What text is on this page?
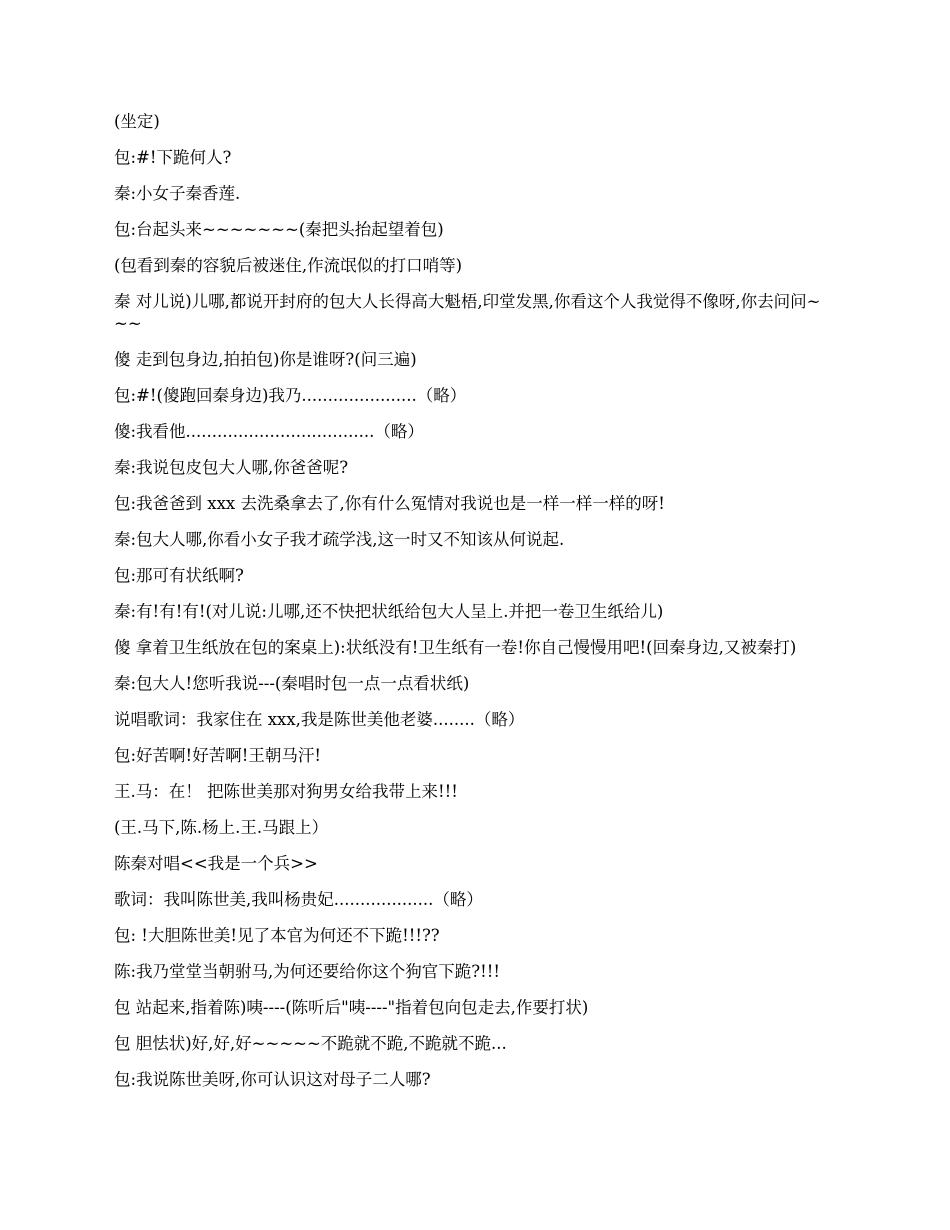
(坐定)

包:#!下跪何人?

秦:小女子秦香莲.

包:台起头来~~~~~~~(秦把头抬起望着包)

(包看到秦的容貌后被迷住,作流氓似的打口哨等)

秦 对儿说)儿哪,都说开封府的包大人长得高大魁梧,印堂发黑,你看这个人我觉得不像呀,你去问问~~~

傻 走到包身边,拍拍包)你是谁呀?(问三遍)

包:#!(傻跑回秦身边)我乃......................（略）

傻:我看他....................................（略）

秦:我说包皮包大人哪,你爸爸呢?

包:我爸爸到 xxx 去洗桑拿去了,你有什么冤情对我说也是一样一样一样的呀!

秦:包大人哪,你看小女子我才疏学浅,这一时又不知该从何说起.

包:那可有状纸啊?

秦:有!有!有!(对儿说:儿哪,还不快把状纸给包大人呈上.并把一卷卫生纸给儿)

傻 拿着卫生纸放在包的案桌上):状纸没有!卫生纸有一卷!你自己慢慢用吧!(回秦身边,又被秦打)

秦:包大人!您听我说---(秦唱时包一点一点看状纸)

说唱歌词：我家住在 xxx,我是陈世美他老婆........（略）

包:好苦啊!好苦啊!王朝马汗!

王.马：在！ 把陈世美那对狗男女给我带上来!!!

(王.马下,陈.杨上.王.马跟上）

陈秦对唱<<我是一个兵>>

歌词：我叫陈世美,我叫杨贵妃...................（略）

包: !大胆陈世美!见了本官为何还不下跪!!!??

陈:我乃堂堂当朝驸马,为何还要给你这个狗官下跪?!!!

包 站起来,指着陈)咦----(陈听后"咦----"指着包向包走去,作要打状)

包 胆怯状)好,好,好~~~~~不跪就不跪,不跪就不跪...

包:我说陈世美呀,你可认识这对母子二人哪?
